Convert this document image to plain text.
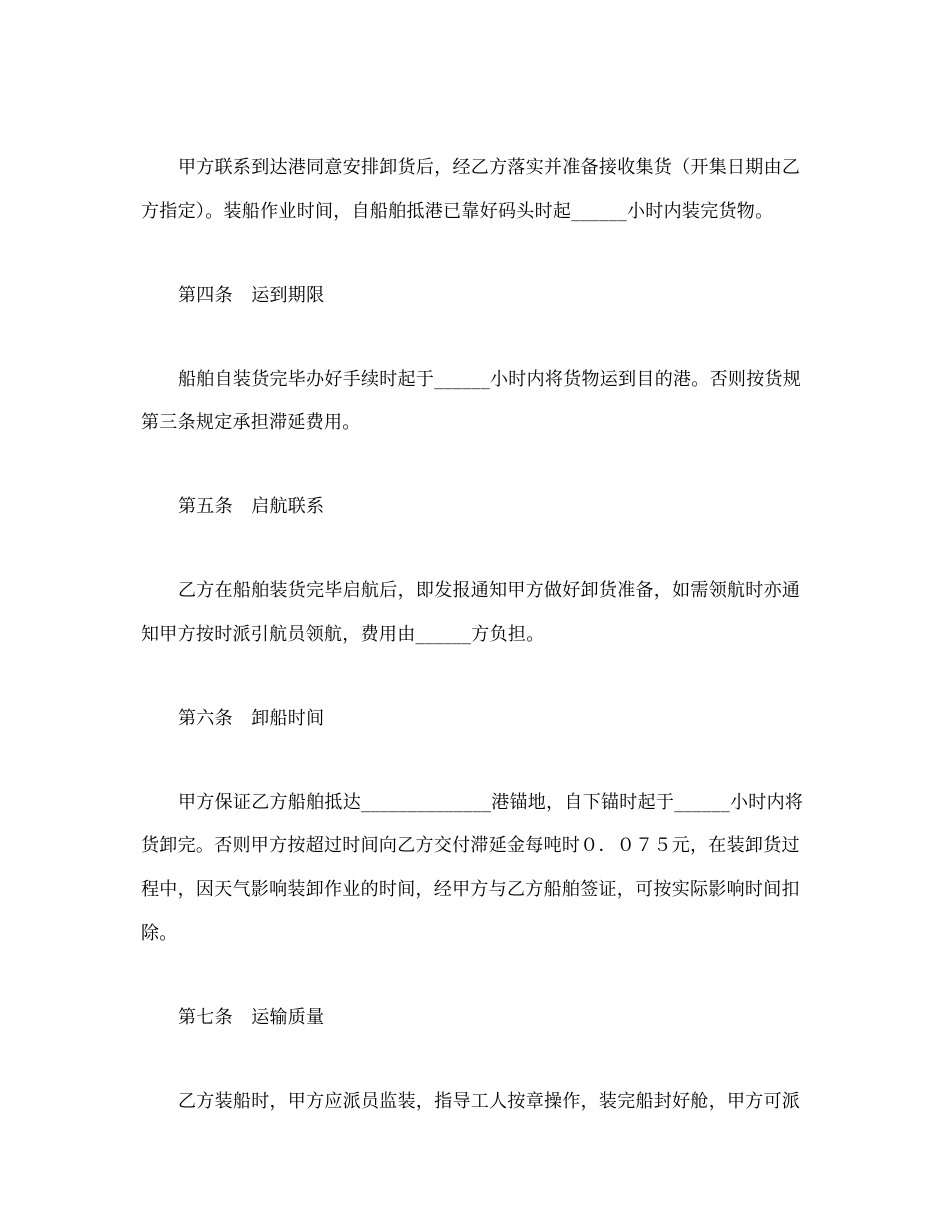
甲方联系到达港同意安排卸货后，经乙方落实并准备接收集货（开集日期由乙
方指定）。装船作业时间，自船舶抵港已靠好码头时起______小时内装完货物。
第四条　运到期限
船舶自装货完毕办好手续时起于______小时内将货物运到目的港。否则按货规
第三条规定承担滞延费用。
第五条　启航联系
乙方在船舶装货完毕启航后，即发报通知甲方做好卸货准备，如需领航时亦通
知甲方按时派引航员领航，费用由______方负担。
第六条　卸船时间
甲方保证乙方船舶抵达______________港锚地，自下锚时起于______小时内将
货卸完。否则甲方按超过时间向乙方交付滞延金每吨时０．０７５元，在装卸货过
程中，因天气影响装卸作业的时间，经甲方与乙方船舶签证，可按实际影响时间扣
除。
第七条　运输质量
乙方装船时，甲方应派员监装，指导工人按章操作，装完船封好舱，甲方可派
